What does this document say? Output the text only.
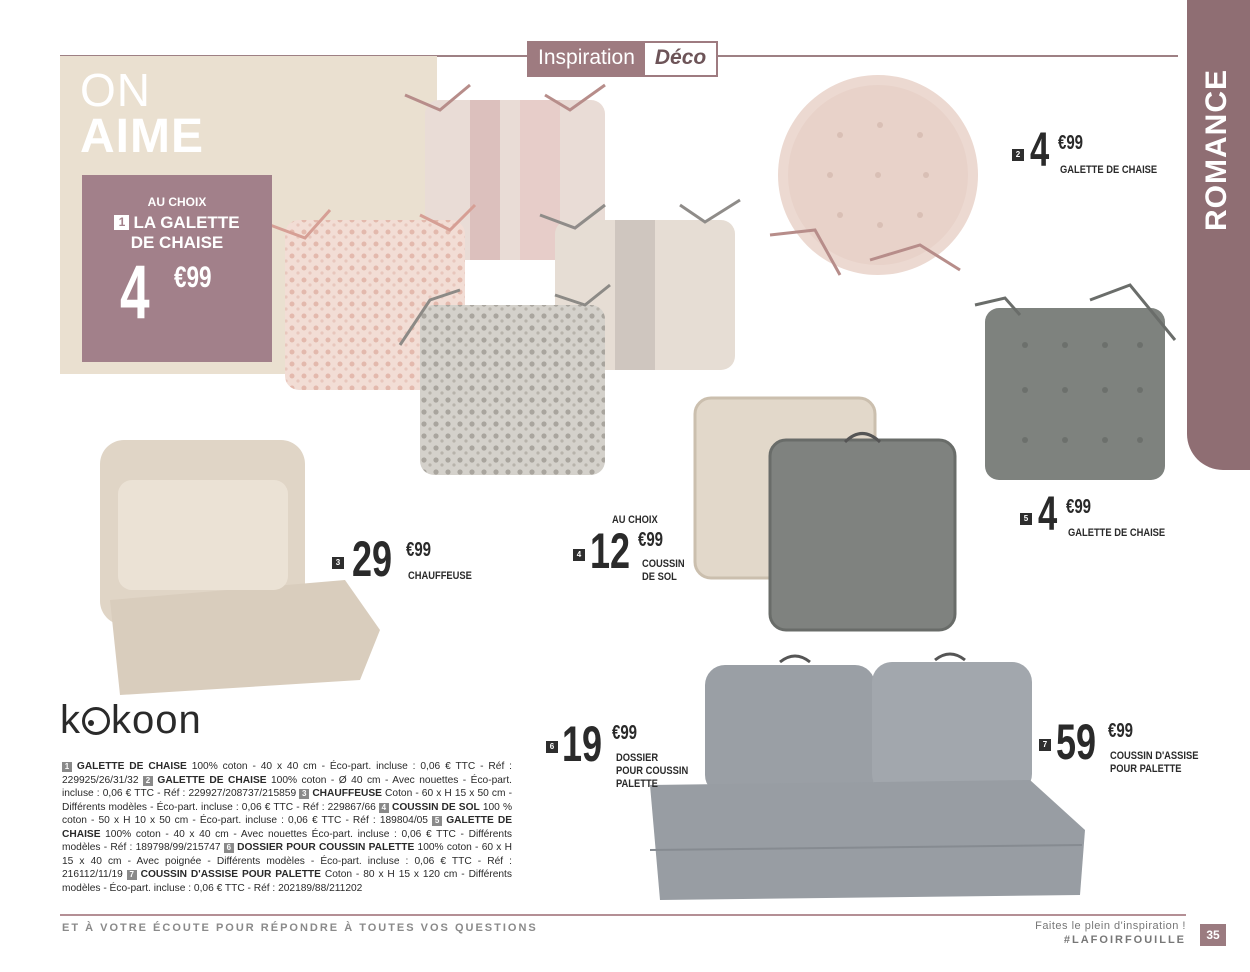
Inspiration Déco
ROMANCE
ON
AIME
AU CHOIX
1 LA GALETTE
DE CHAISE
4 €99
2 4 €99
GALETTE DE CHAISE
3 29 €99
CHAUFFEUSE
AU CHOIX
4 12 €99
COUSSIN
DE SOL
5 4 €99
GALETTE DE CHAISE
6 19 €99
DOSSIER
POUR COUSSIN
PALETTE
7 59 €99
COUSSIN D'ASSISE
POUR PALETTE
k koon
1 GALETTE DE CHAISE 100% coton - 40 x 40 cm - Éco-part. incluse : 0,06 € TTC - Réf : 229925/26/31/32 2 GALETTE DE CHAISE 100% coton - Ø 40 cm - Avec nouettes - Éco-part. incluse : 0,06 € TTC - Réf : 229927/208737/215859 3 CHAUFFEUSE Coton - 60 x H 15 x 50 cm - Différents modèles - Éco-part. incluse : 0,06 € TTC - Réf : 229867/66 4 COUSSIN DE SOL 100 % coton - 50 x H 10 x 50 cm - Éco-part. incluse : 0,06 € TTC - Réf : 189804/05 5 GALETTE DE CHAISE 100% coton - 40 x 40 cm - Avec nouettes Éco-part. incluse : 0,06 € TTC - Différents modèles - Réf : 189798/99/215747 6 DOSSIER POUR COUSSIN PALETTE 100% coton - 60 x H 15 x 40 cm - Avec poignée - Différents modèles - Éco-part. incluse : 0,06 € TTC - Réf : 216112/11/19 7 COUSSIN D'ASSISE POUR PALETTE Coton - 80 x H 15 x 120 cm - Différents modèles - Éco-part. incluse : 0,06 € TTC - Réf : 202189/88/211202
ET À VOTRE ÉCOUTE POUR RÉPONDRE À TOUTES VOS QUESTIONS	Faites le plein d'inspiration !
#LAFOIRFOUILLE	35
